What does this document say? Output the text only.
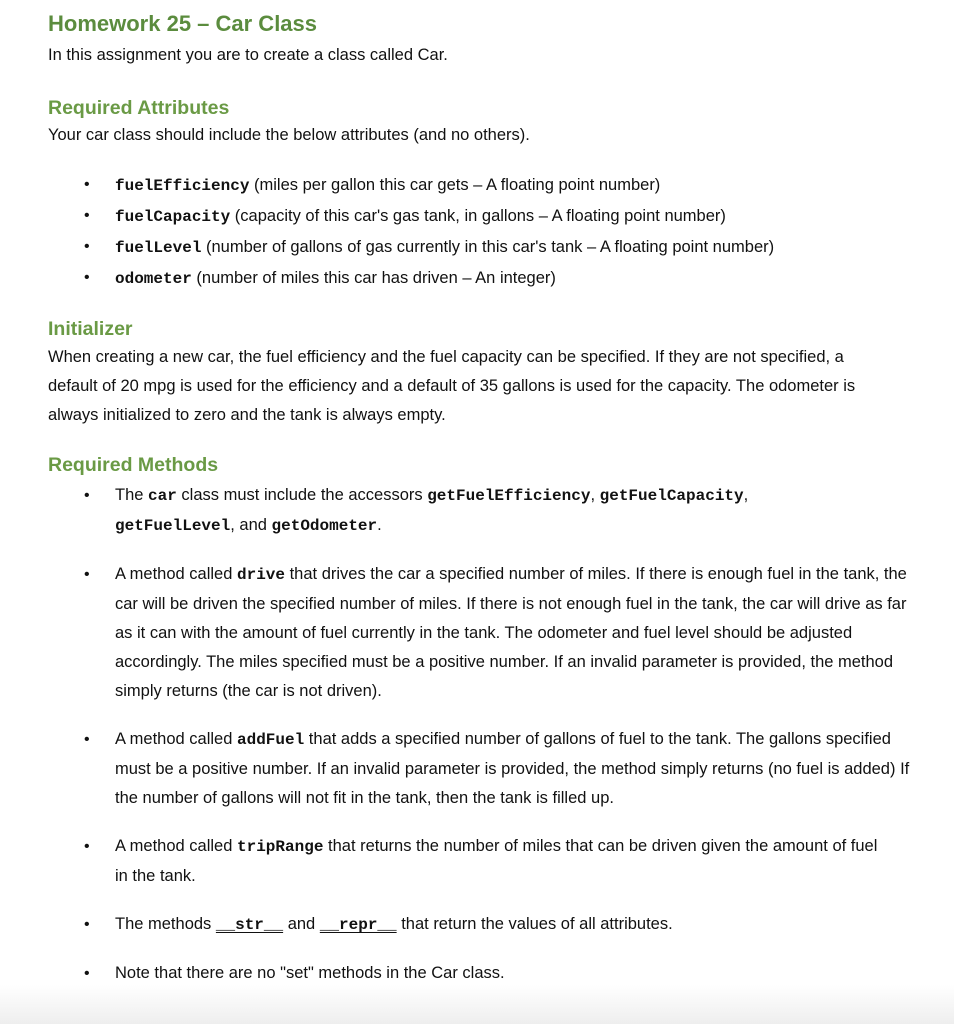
Homework 25 – Car Class

In this assignment you are to create a class called Car.

Required Attributes

Your car class should include the below attributes (and no others).

• fuelEfficiency (miles per gallon this car gets – A floating point number)
• fuelCapacity (capacity of this car's gas tank, in gallons – A floating point number)
• fuelLevel (number of gallons of gas currently in this car's tank – A floating point number)
• odometer (number of miles this car has driven – An integer)
Initializer

When creating a new car, the fuel efficiency and the fuel capacity can be specified. If they are not specified, a default of 20 mpg is used for the efficiency and a default of 35 gallons is used for the capacity. The odometer is always initialized to zero and the tank is always empty.

Required Methods
• The car class must include the accessors getFuelEfficiency, getFuelCapacity,
getFuelLevel, and getOdometer.
• A method called drive that drives the car a specified number of miles. If there is enough fuel in the tank, the car will be driven the specified number of miles. If there is not enough fuel in the tank, the car will drive as far as it can with the amount of fuel currently in the tank. The odometer and fuel level should be adjusted accordingly. The miles specified must be a positive number. If an invalid parameter is provided, the method simply returns (the car is not driven).
• A method called addFuel that adds a specified number of gallons of fuel to the tank. The gallons specified must be a positive number. If an invalid parameter is provided, the method simply returns (no fuel is added) If the number of gallons will not fit in the tank, then the tank is filled up.
• A method called tripRange that returns the number of miles that can be driven given the amount of fuel in the tank.
• The methods __str__ and __repr__ that return the values of all attributes.
• Note that there are no "set" methods in the Car class.
